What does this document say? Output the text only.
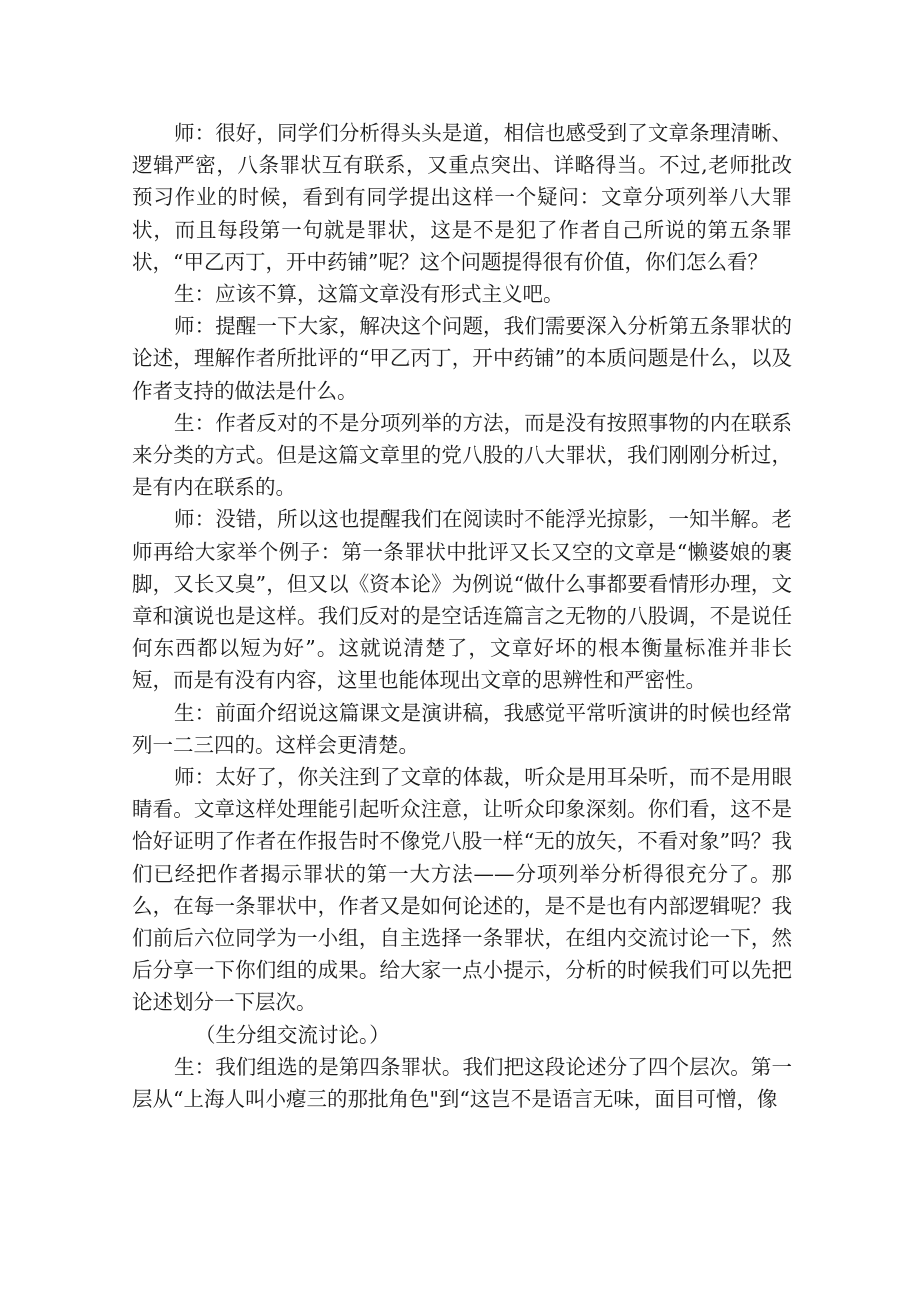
师：很好，同学们分析得头头是道，相信也感受到了文章条理清晰、逻辑严密，八条罪状互有联系，又重点突出、详略得当。不过,老师批改预习作业的时候，看到有同学提出这样一个疑问：文章分项列举八大罪状，而且每段第一句就是罪状，这是不是犯了作者自己所说的第五条罪状，“甲乙丙丁，开中药铺”呢？这个问题提得很有价值，你们怎么看？

生：应该不算，这篇文章没有形式主义吧。

师：提醒一下大家，解决这个问题，我们需要深入分析第五条罪状的论述，理解作者所批评的“甲乙丙丁，开中药铺”的本质问题是什么，以及作者支持的做法是什么。

生：作者反对的不是分项列举的方法，而是没有按照事物的内在联系来分类的方式。但是这篇文章里的党八股的八大罪状，我们刚刚分析过，是有内在联系的。

师：没错，所以这也提醒我们在阅读时不能浮光掠影，一知半解。老师再给大家举个例子：第一条罪状中批评又长又空的文章是“懒婆娘的裹脚，又长又臭”，但又以《资本论》为例说“做什么事都要看情形办理，文章和演说也是这样。我们反对的是空话连篇言之无物的八股调，不是说任何东西都以短为好”。这就说清楚了，文章好坏的根本衡量标准并非长短，而是有没有内容，这里也能体现出文章的思辨性和严密性。

生：前面介绍说这篇课文是演讲稿，我感觉平常听演讲的时候也经常列一二三四的。这样会更清楚。

师：太好了，你关注到了文章的体裁，听众是用耳朵听，而不是用眼睛看。文章这样处理能引起听众注意，让听众印象深刻。你们看，这不是恰好证明了作者在作报告时不像党八股一样“无的放矢，不看对象”吗？我们已经把作者揭示罪状的第一大方法——分项列举分析得很充分了。那么，在每一条罪状中，作者又是如何论述的，是不是也有内部逻辑呢？我们前后六位同学为一小组，自主选择一条罪状，在组内交流讨论一下，然后分享一下你们组的成果。给大家一点小提示，分析的时候我们可以先把论述划分一下层次。

（生分组交流讨论。）

生：我们组选的是第四条罪状。我们把这段论述分了四个层次。第一层从“上海人叫小瘪三的那批角色"到“这岂不是语言无味，面目可憎，像
